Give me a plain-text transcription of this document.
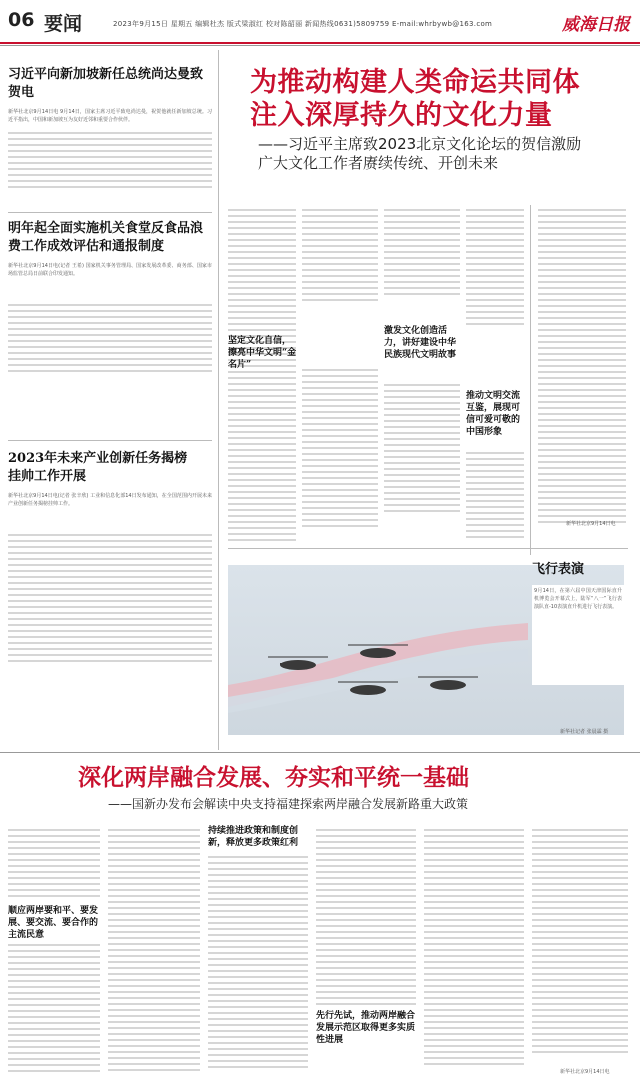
06 要闻	2023年9月15日 星期五 编辑杜杰 版式梁淑红 校对陈韶丽 新闻热线0631)5809759 E-mail:whrbywb@163.com	威海日报
习近平向新加坡新任总统尚达曼致贺电
新华社北京9月14日电 9月14日，国家主席习近平致电尚达曼，祝贺他就任新加坡总统。习近平指出，中国和新加坡互为友好近邻和重要合作伙伴。
明年起全面实施机关食堂反食品浪费工作成效评估和通报制度
新华社北京9月14日电(记者 王希) 国家机关事务管理局、国家发展改革委、商务部、国家市场监管总局日前联合印发通知。
2023年未来产业创新任务揭榜挂帅工作开展
新华社北京9月14日电(记者 张辛欣) 工业和信息化部14日发布通知，在全国范围内开展未来产业创新任务揭榜挂帅工作。
为推动构建人类命运共同体
注入深厚持久的文化力量
——习近平主席致2023北京文化论坛的贺信激励
广大文化工作者赓续传统、开创未来
坚定文化自信，擦亮中华文明“金名片”
激发文化创造活力，讲好建设中华民族现代文明故事
推动文明交流互鉴，展现可信可爱可敬的中国形象
新华社北京9月14日电
飞行表演
9月14日，在第六届中国天津国际直升机博览会开幕式上，陆军“八一”飞行表演队直-10表演直升机进行飞行表演。
新华社记者 张晨霖 摄
深化两岸融合发展、夯实和平统一基础
——国新办发布会解读中央支持福建探索两岸融合发展新路重大政策
顺应两岸要和平、要发展、要交流、要合作的主流民意
持续推进政策和制度创新，释放更多政策红利
先行先试，推动两岸融合发展示范区取得更多实质性进展
新华社北京9月14日电
